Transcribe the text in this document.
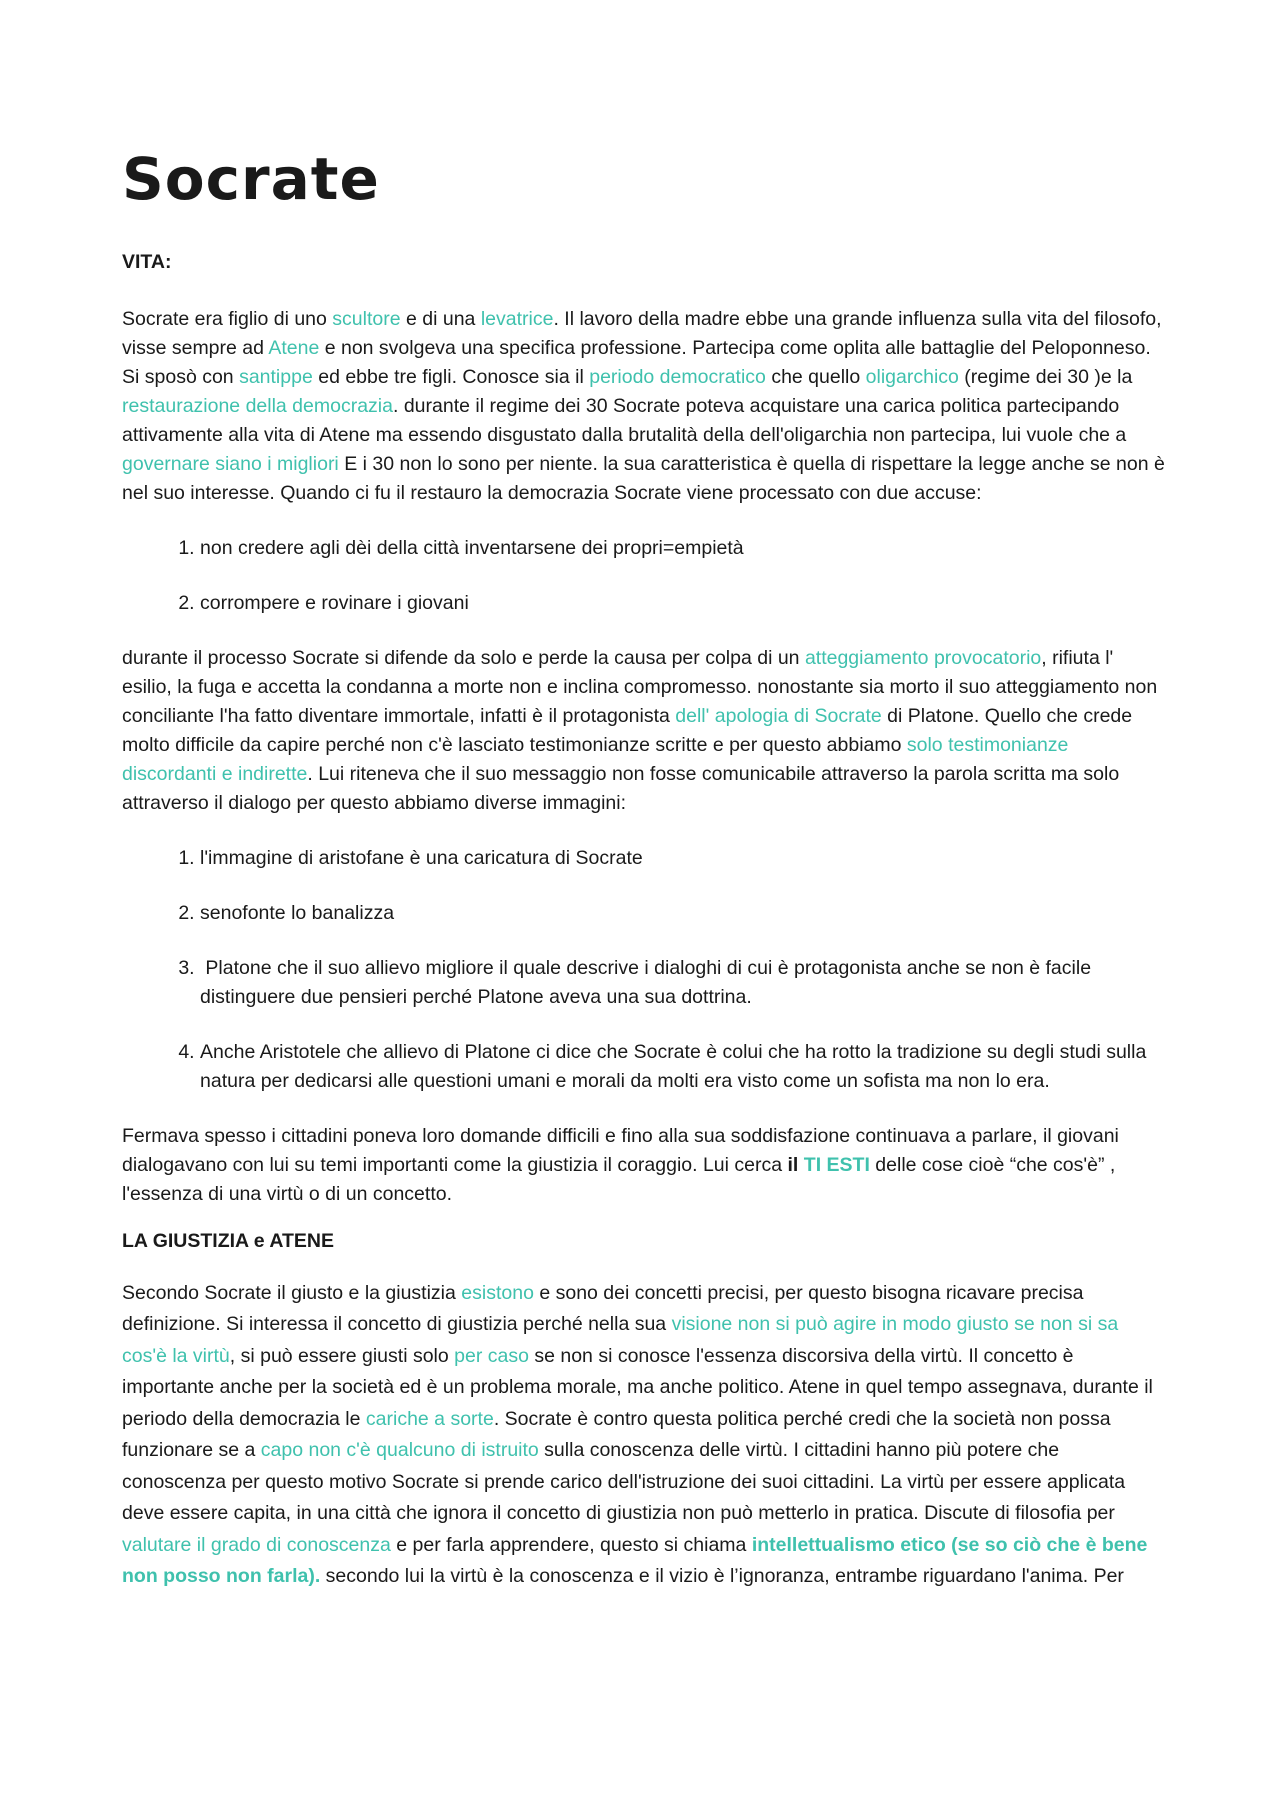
Socrate
VITA:

Socrate era figlio di uno scultore e di una levatrice. Il lavoro della madre ebbe una grande influenza sulla vita del filosofo, visse sempre ad Atene e non svolgeva una specifica professione. Partecipa come oplita alle battaglie del Peloponneso. Si sposò con santippe ed ebbe tre figli. Conosce sia il periodo democratico che quello oligarchico (regime dei 30 )e la restaurazione della democrazia. durante il regime dei 30 Socrate poteva acquistare una carica politica partecipando attivamente alla vita di Atene ma essendo disgustato dalla brutalità della dell'oligarchia non partecipa, lui vuole che a governare siano i migliori E i 30 non lo sono per niente. la sua caratteristica è quella di rispettare la legge anche se non è nel suo interesse. Quando ci fu il restauro la democrazia Socrate viene processato con due accuse:

1. non credere agli dèi della città inventarsene dei propri=empietà
2. corrompere e rovinare i giovani

durante il processo Socrate si difende da solo e perde la causa per colpa di un atteggiamento provocatorio, rifiuta l' esilio, la fuga e accetta la condanna a morte non e inclina compromesso. nonostante sia morto il suo atteggiamento non conciliante l'ha fatto diventare immortale, infatti è il protagonista dell' apologia di Socrate di Platone. Quello che crede molto difficile da capire perché non c'è lasciato testimonianze scritte e per questo abbiamo solo testimonianze discordanti e indirette. Lui riteneva che il suo messaggio non fosse comunicabile attraverso la parola scritta ma solo attraverso il dialogo per questo abbiamo diverse immagini:

1. l'immagine di aristofane è una caricatura di Socrate
2. senofonte lo banalizza
3.  Platone che il suo allievo migliore il quale descrive i dialoghi di cui è protagonista anche se non è facile distinguere due pensieri perché Platone aveva una sua dottrina.
4. Anche Aristotele che allievo di Platone ci dice che Socrate è colui che ha rotto la tradizione su degli studi sulla natura per dedicarsi alle questioni umani e morali da molti era visto come un sofista ma non lo era.

Fermava spesso i cittadini poneva loro domande difficili e fino alla sua soddisfazione continuava a parlare, il giovani dialogavano con lui su temi importanti come la giustizia il coraggio. Lui cerca il TI ESTI delle cose cioè “che cos'è” , l'essenza di una virtù o di un concetto.

LA GIUSTIZIA e ATENE

Secondo Socrate il giusto e la giustizia esistono e sono dei concetti precisi, per questo bisogna ricavare precisa definizione. Si interessa il concetto di giustizia perché nella sua visione non si può agire in modo giusto se non si sa cos'è la virtù, si può essere giusti solo per caso se non si conosce l'essenza discorsiva della virtù. Il concetto è importante anche per la società ed è un problema morale, ma anche politico. Atene in quel tempo assegnava, durante il periodo della democrazia le cariche a sorte. Socrate è contro questa politica perché credi che la società non possa funzionare se a capo non c'è qualcuno di istruito sulla conoscenza delle virtù. I cittadini hanno più potere che conoscenza per questo motivo Socrate si prende carico dell'istruzione dei suoi cittadini. La virtù per essere applicata deve essere capita, in una città che ignora il concetto di giustizia non può metterlo in pratica. Discute di filosofia per valutare il grado di conoscenza e per farla apprendere, questo si chiama intellettualismo etico (se so ciò che è bene non posso non farla). secondo lui la virtù è la conoscenza e il vizio è l’ignoranza, entrambe riguardano l'anima. Per
